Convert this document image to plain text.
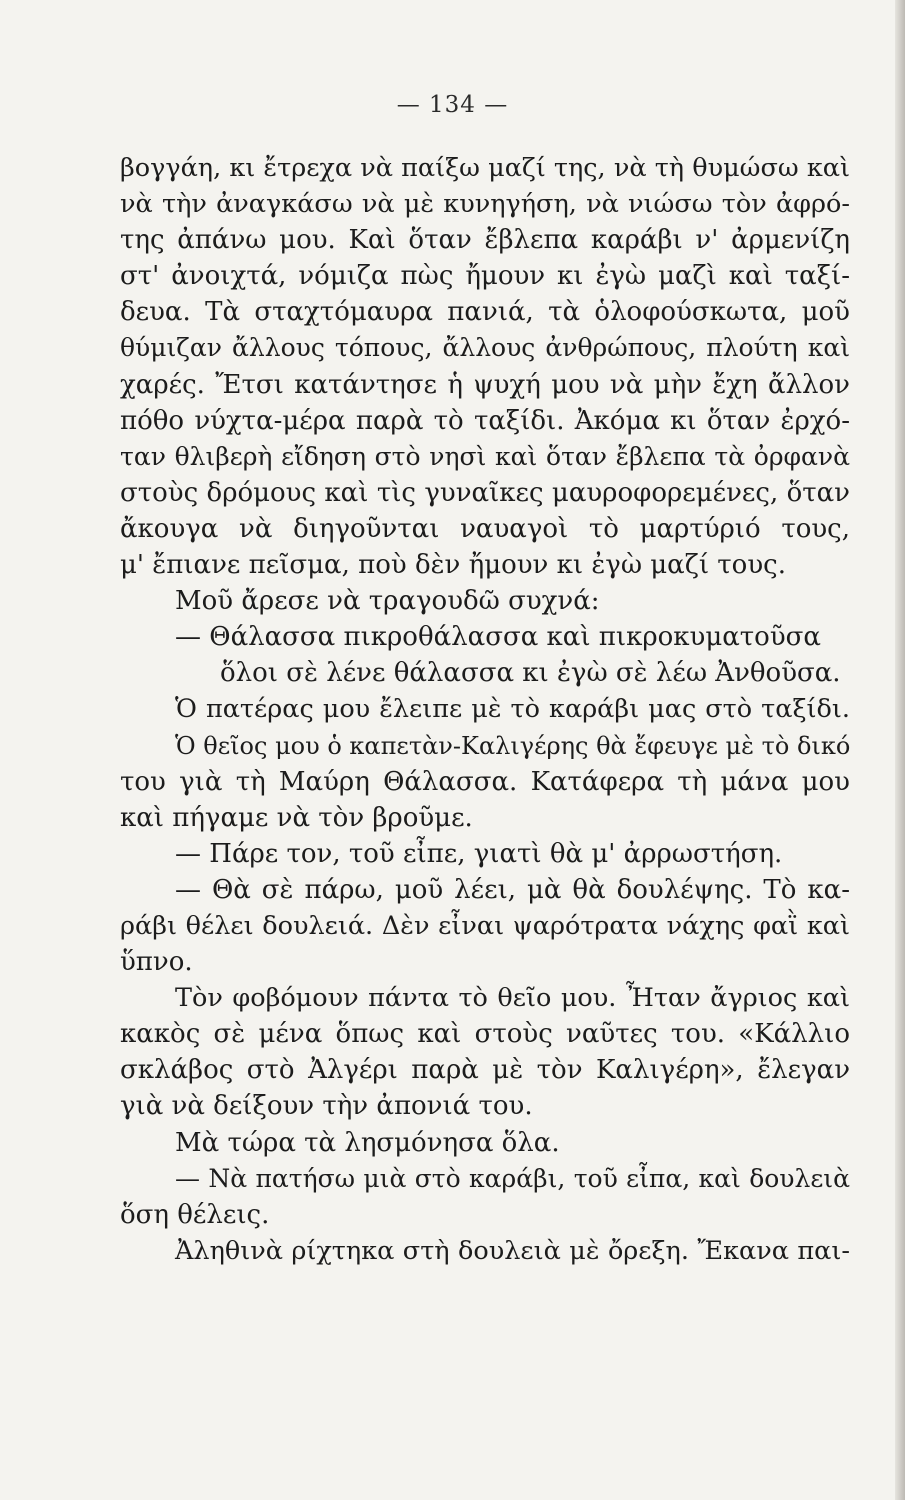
— 134 —

βογγάη, κι ἔτρεχα νὰ παίξω μαζί της, νὰ τὴ θυμώσω καὶ
νὰ τὴν ἀναγκάσω νὰ μὲ κυνηγήση, νὰ νιώσω τὸν ἀφρό-
της ἀπάνω μου. Καὶ ὅταν ἔβλεπα καράβι ν' ἀρμενίζη
στ' ἀνοιχτά, νόμιζα πὼς ἤμουν κι ἐγὼ μαζὶ καὶ ταξί-
δευα. Τὰ σταχτόμαυρα πανιά, τὰ ὁλοφούσκωτα, μοῦ
θύμιζαν ἄλλους τόπους, ἄλλους ἀνθρώπους, πλούτη καὶ
χαρές. Ἔτσι κατάντησε ἡ ψυχή μου νὰ μὴν ἔχη ἄλλον
πόθο νύχτα-μέρα παρὰ τὸ ταξίδι. Ἀκόμα κι ὅταν ἐρχό-
ταν θλιβερὴ εἴδηση στὸ νησὶ καὶ ὅταν ἔβλεπα τὰ ὀρφανὰ
στοὺς δρόμους καὶ τὶς γυναῖκες μαυροφορεμένες, ὅταν
ἄκουγα νὰ διηγοῦνται ναυαγοὶ τὸ μαρτύριό τους,
μ' ἔπιανε πεῖσμα, ποὺ δὲν ἤμουν κι ἐγὼ μαζί τους.
Μοῦ ἄρεσε νὰ τραγουδῶ συχνά:
— Θάλασσα πικροθάλασσα καὶ πικροκυματοῦσα
ὅλοι σὲ λένε θάλασσα κι ἐγὼ σὲ λέω Ἀνθοῦσα.
Ὁ πατέρας μου ἔλειπε μὲ τὸ καράβι μας στὸ ταξίδι.
Ὁ θεῖος μου ὁ καπετὰν-Καλιγέρης θὰ ἔφευγε μὲ τὸ δικό
του γιὰ τὴ Μαύρη Θάλασσα. Κατάφερα τὴ μάνα μου
καὶ πήγαμε νὰ τὸν βροῦμε.
— Πάρε τον, τοῦ εἶπε, γιατὶ θὰ μ' ἀρρωστήση.
— Θὰ σὲ πάρω, μοῦ λέει, μὰ θὰ δουλέψης. Τὸ κα-
ράβι θέλει δουλειά. Δὲν εἶναι ψαρότρατα νάχης φαῒ καὶ
ὕπνο.
Τὸν φοβόμουν πάντα τὸ θεῖο μου. Ἦταν ἄγριος καὶ
κακὸς σὲ μένα ὅπως καὶ στοὺς ναῦτες του. «Κάλλιο
σκλάβος στὸ Ἀλγέρι παρὰ μὲ τὸν Καλιγέρη», ἔλεγαν
γιὰ νὰ δείξουν τὴν ἀπονιά του.
Μὰ τώρα τὰ λησμόνησα ὅλα.
— Νὰ πατήσω μιὰ στὸ καράβι, τοῦ εἶπα, καὶ δουλειὰ
ὅση θέλεις.
Ἀληθινὰ ρίχτηκα στὴ δουλειὰ μὲ ὄρεξη. Ἔκανα παι-
